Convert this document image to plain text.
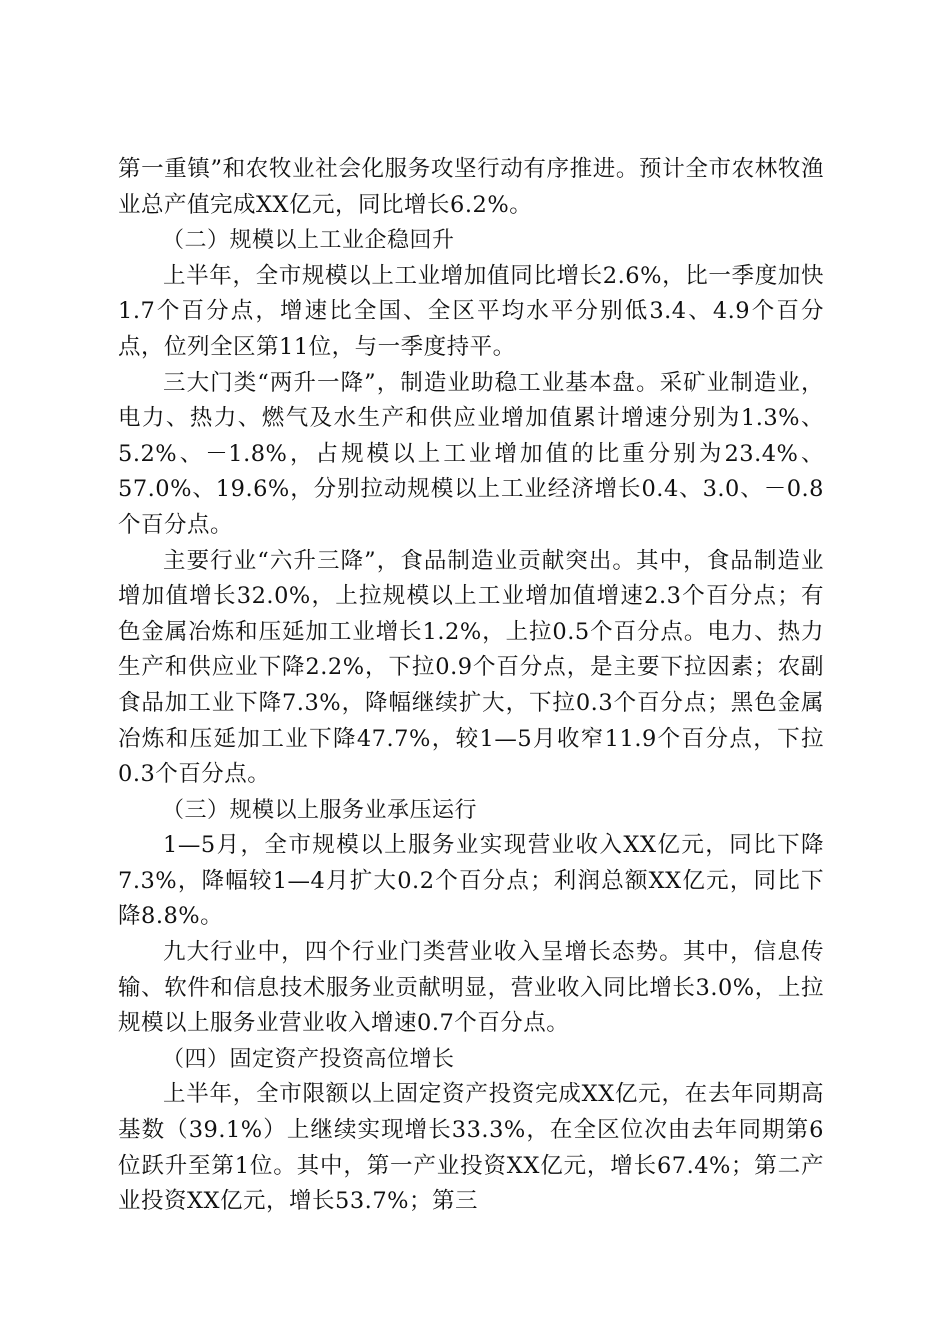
第一重镇”和农牧业社会化服务攻坚行动有序推进。预计全市农林牧渔业总产值完成XX亿元，同比增长6.2%。

（二）规模以上工业企稳回升

上半年，全市规模以上工业增加值同比增长2.6%，比一季度加快1.7个百分点，增速比全国、全区平均水平分别低3.4、4.9个百分点，位列全区第11位，与一季度持平。

三大门类“两升一降”，制造业助稳工业基本盘。采矿业制造业，电力、热力、燃气及水生产和供应业增加值累计增速分别为1.3%、5.2%、－1.8%，占规模以上工业增加值的比重分别为23.4%、57.0%、19.6%，分别拉动规模以上工业经济增长0.4、3.0、－0.8个百分点。

主要行业“六升三降”，食品制造业贡献突出。其中，食品制造业增加值增长32.0%，上拉规模以上工业增加值增速2.3个百分点；有色金属冶炼和压延加工业增长1.2%，上拉0.5个百分点。电力、热力生产和供应业下降2.2%，下拉0.9个百分点，是主要下拉因素；农副食品加工业下降7.3%，降幅继续扩大，下拉0.3个百分点；黑色金属冶炼和压延加工业下降47.7%，较1—5月收窄11.9个百分点，下拉0.3个百分点。

（三）规模以上服务业承压运行

1—5月，全市规模以上服务业实现营业收入XX亿元，同比下降7.3%，降幅较1—4月扩大0.2个百分点；利润总额XX亿元，同比下降8.8%。

九大行业中，四个行业门类营业收入呈增长态势。其中，信息传输、软件和信息技术服务业贡献明显，营业收入同比增长3.0%，上拉规模以上服务业营业收入增速0.7个百分点。

（四）固定资产投资高位增长

上半年，全市限额以上固定资产投资完成XX亿元，在去年同期高基数（39.1%）上继续实现增长33.3%，在全区位次由去年同期第6位跃升至第1位。其中，第一产业投资XX亿元，增长67.4%；第二产业投资XX亿元，增长53.7%；第三
